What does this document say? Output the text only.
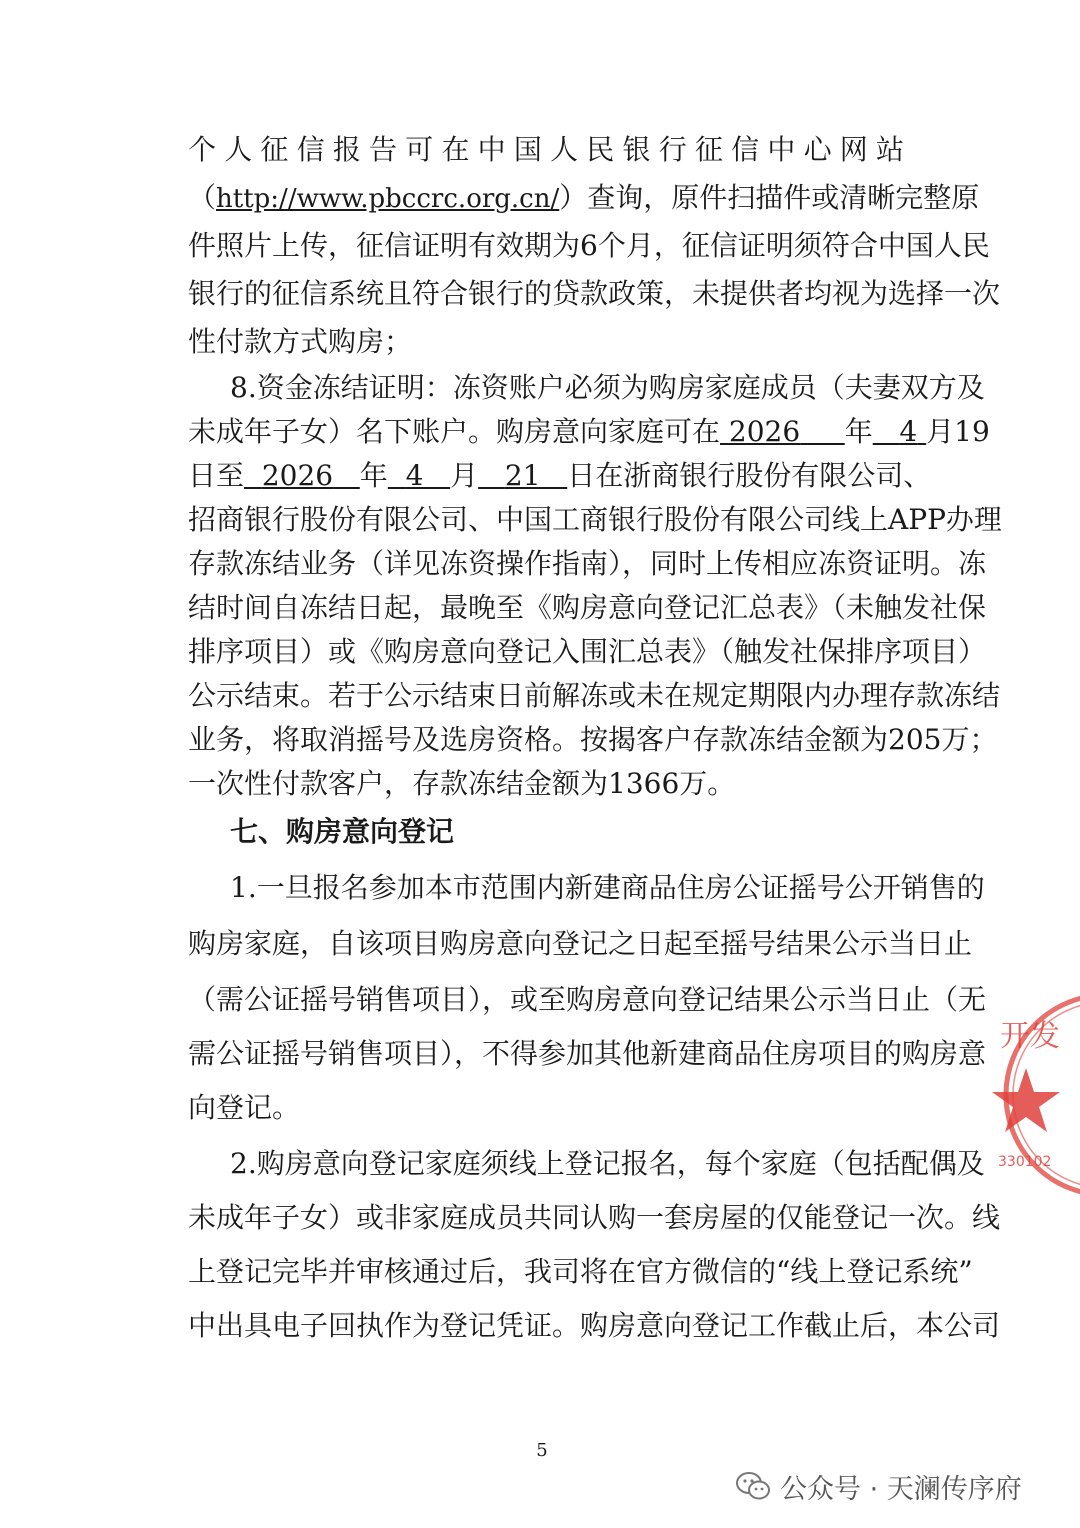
个人征信报告可在中国人民银行征信中心网站
（http://www.pbccrc.org.cn/）查询，原件扫描件或清晰完整原
件照片上传，征信证明有效期为6个月，征信证明须符合中国人民
银行的征信系统且符合银行的贷款政策，未提供者均视为选择一次
性付款方式购房；
8.资金冻结证明：冻资账户必须为购房家庭成员（夫妻双方及
未成年子女）名下账户。购房意向家庭可在 2026 年 4 月19
日至 2026 年 4 月 21 日在浙商银行股份有限公司、
招商银行股份有限公司、中国工商银行股份有限公司线上APP办理
存款冻结业务（详见冻资操作指南），同时上传相应冻资证明。冻
结时间自冻结日起，最晚至《购房意向登记汇总表》（未触发社保
排序项目）或《购房意向登记入围汇总表》（触发社保排序项目）
公示结束。若于公示结束日前解冻或未在规定期限内办理存款冻结
业务，将取消摇号及选房资格。按揭客户存款冻结金额为205万；
一次性付款客户，存款冻结金额为1366万。
七、购房意向登记
1.一旦报名参加本市范围内新建商品住房公证摇号公开销售的
购房家庭，自该项目购房意向登记之日起至摇号结果公示当日止
（需公证摇号销售项目），或至购房意向登记结果公示当日止（无
需公证摇号销售项目），不得参加其他新建商品住房项目的购房意
向登记。
2.购房意向登记家庭须线上登记报名，每个家庭（包括配偶及
未成年子女）或非家庭成员共同认购一套房屋的仅能登记一次。线
上登记完毕并审核通过后，我司将在官方微信的“线上登记系统”
中出具电子回执作为登记凭证。购房意向登记工作截止后，本公司
5
开发
330102
公众号 · 天澜传序府
